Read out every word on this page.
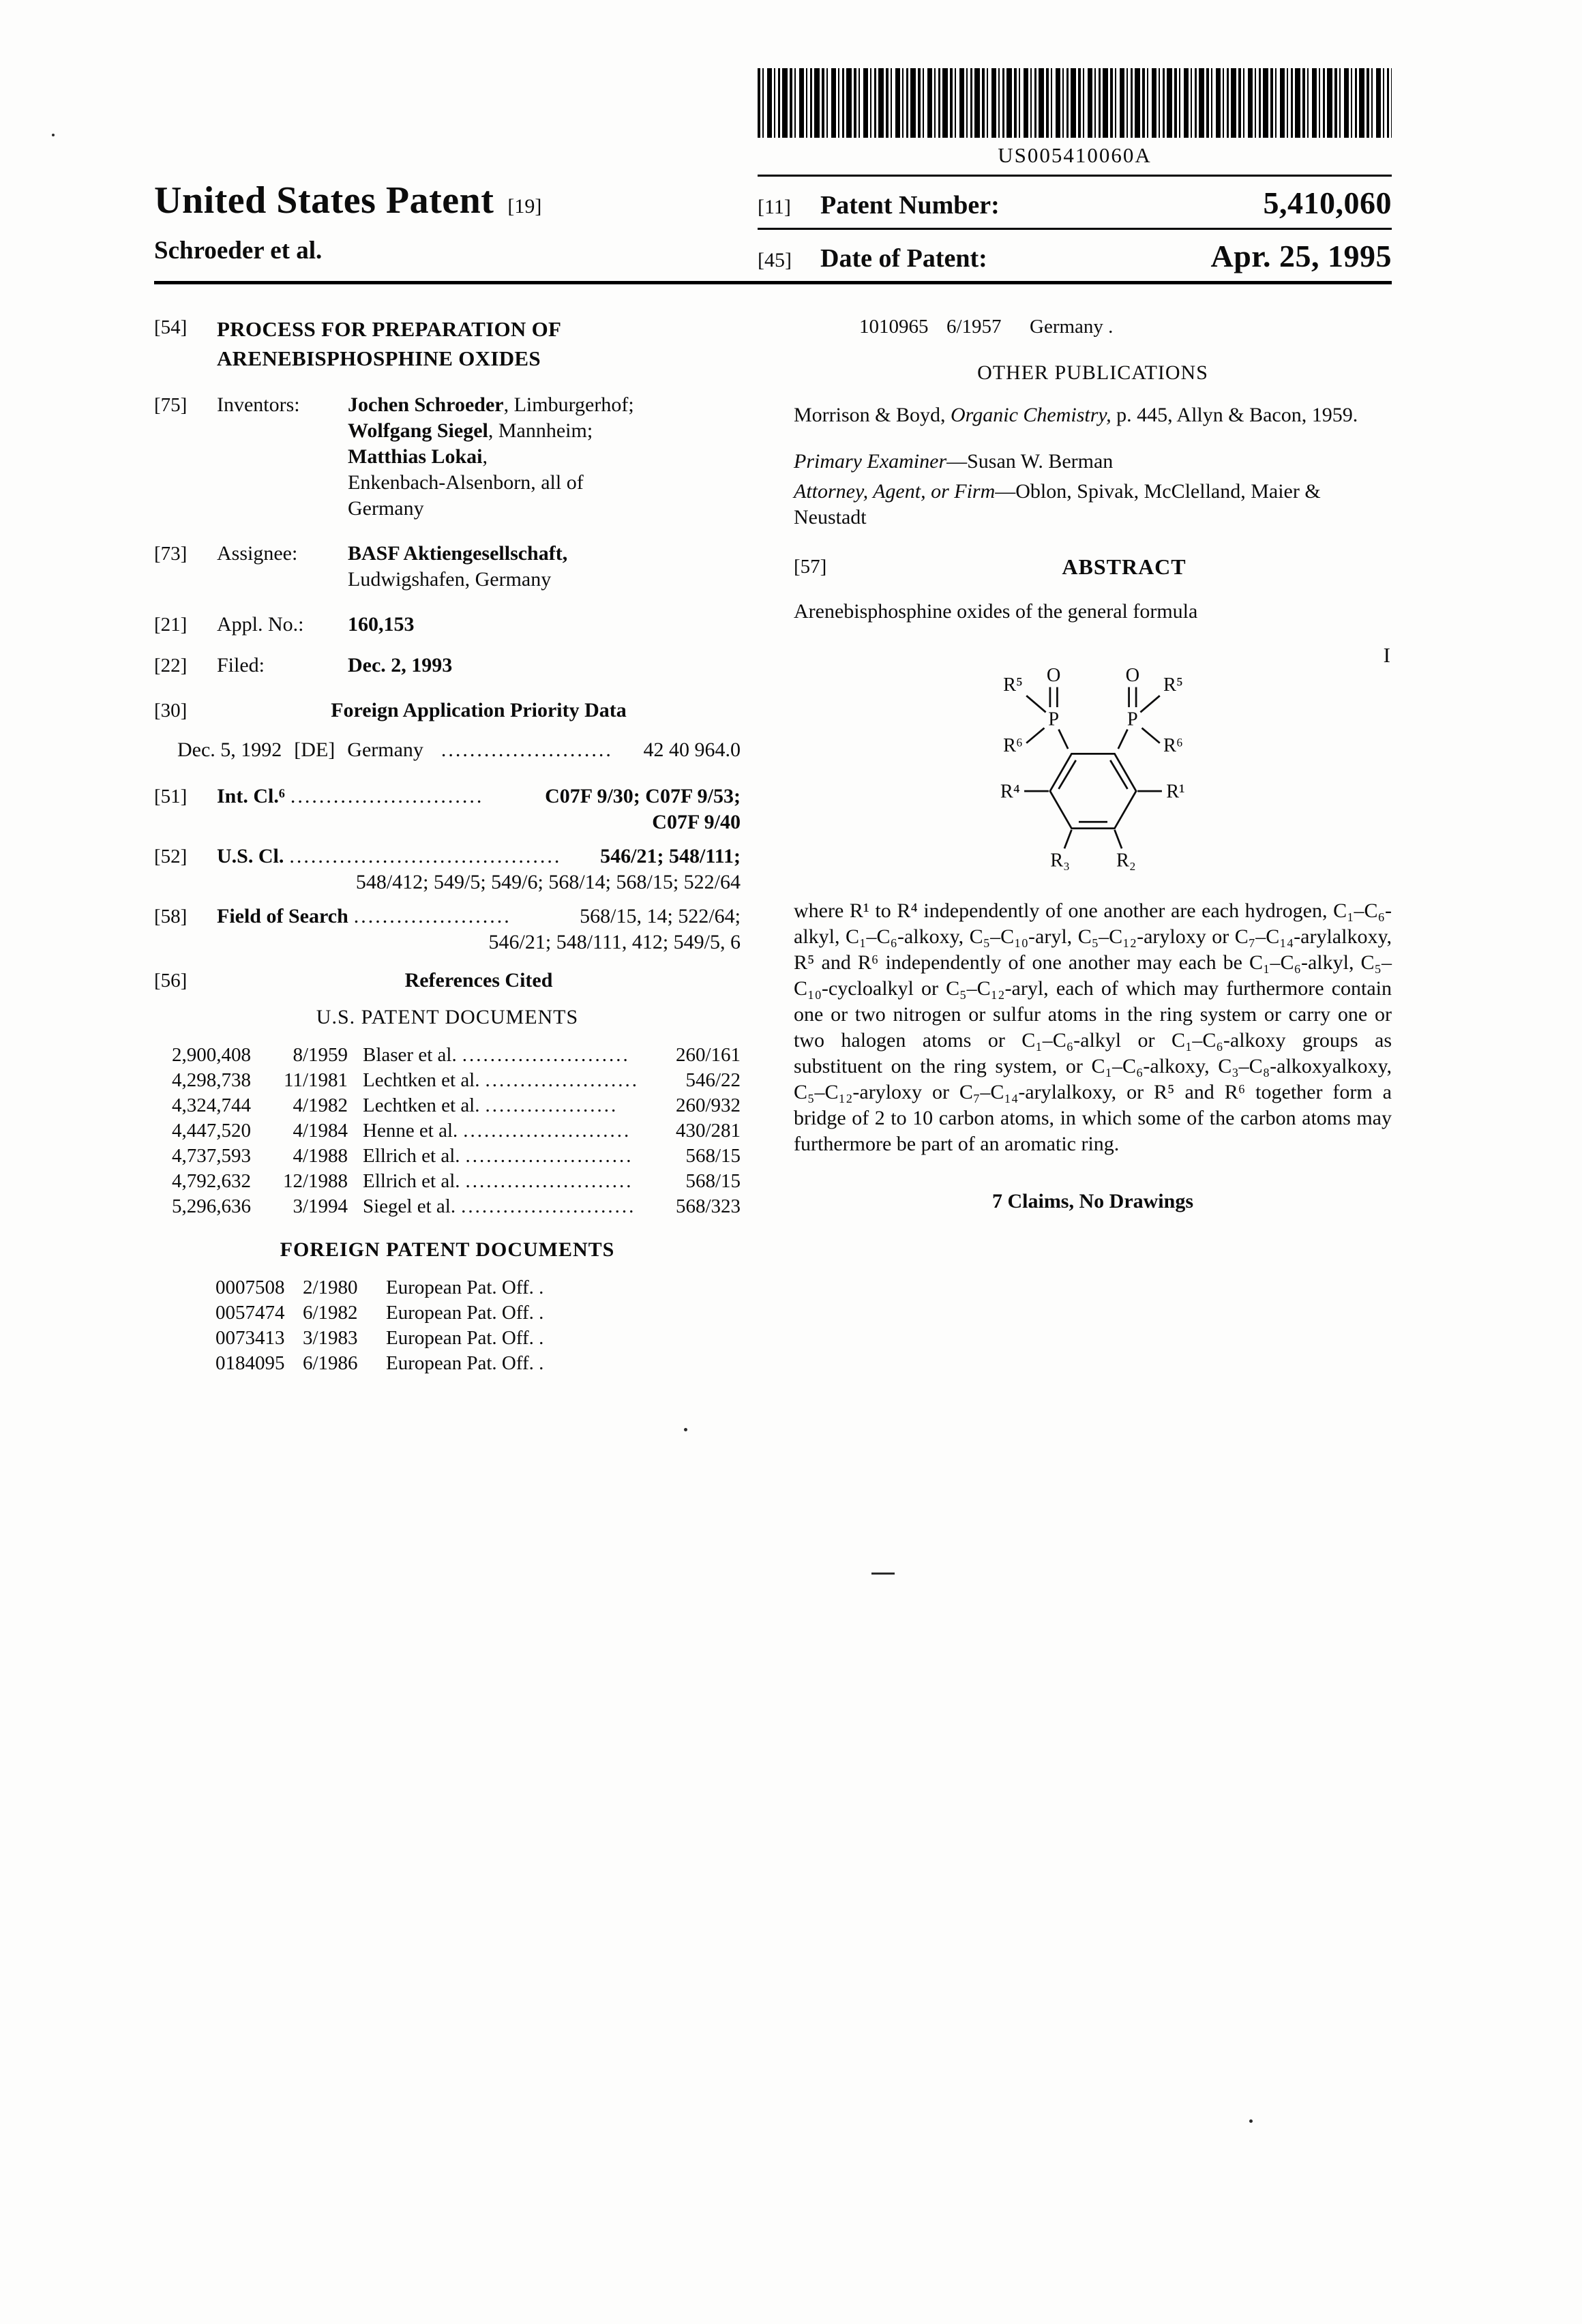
US005410060A
United States Patent [19]
Schroeder et al.
[11]	Patent Number:	5,410,060
[45]	Date of Patent:	Apr. 25, 1995
[54]	PROCESS FOR PREPARATION OF
ARENEBISPHOSPHINE OXIDES
[75]	Inventors:	Jochen Schroeder, Limburgerhof;
Wolfgang Siegel, Mannheim;
Matthias Lokai,
Enkenbach-Alsenborn, all of
Germany
[73]	Assignee:	BASF Aktiengesellschaft,
Ludwigshafen, Germany
[21]	Appl. No.:	160,153
[22]	Filed:	Dec. 2, 1993
[30]	Foreign Application Priority Data
Dec. 5, 1992 [DE] Germany ........................	42 40 964.0
[51]	Int. Cl.⁶ ...........................	C07F 9/30; C07F 9/53;
C07F 9/40
[52]	U.S. Cl. ......................................	546/21; 548/111;
548/412; 549/5; 549/6; 568/14; 568/15; 522/64
[58]	Field of Search ......................	568/15, 14; 522/64;
546/21; 548/111, 412; 549/5, 6
[56]	References Cited
U.S. PATENT DOCUMENTS
2,900,408	8/1959 Blaser et al. ........................	260/161
4,298,738	11/1981 Lechtken et al. ......................	546/22
4,324,744	4/1982 Lechtken et al. ...................	260/932
4,447,520	4/1984 Henne et al. ........................	430/281
4,737,593	4/1988 Ellrich et al. ........................	568/15
4,792,632	12/1988 Ellrich et al. ........................	568/15
5,296,636	3/1994 Siegel et al. .........................	568/323
FOREIGN PATENT DOCUMENTS
0007508 2/1980	European Pat. Off. .
0057474 6/1982	European Pat. Off. .
0073413 3/1983	European Pat. Off. .
0184095 6/1986	European Pat. Off. .
1010965 6/1957	Germany .
OTHER PUBLICATIONS

Morrison & Boyd, Organic Chemistry, p. 445, Allyn & Bacon, 1959.

Primary Examiner—Susan W. Berman

Attorney, Agent, or Firm—Oblon, Spivak, McClelland, Maier & Neustadt

[57]	ABSTRACT

Arenebisphosphine oxides of the general formula

O	O
P	P
R⁵	R⁵
R⁶	R⁶
R⁴	R¹
R₃	R₂
I

where R¹ to R⁴ independently of one another are each hydrogen, C₁–C₆-alkyl, C₁–C₆-alkoxy, C₅–C₁₀-aryl, C₅–C₁₂-aryloxy or C₇–C₁₄-arylalkoxy, R⁵ and R⁶ independently of one another may each be C₁–C₆-alkyl, C₅–C₁₀-cycloalkyl or C₅–C₁₂-aryl, each of which may furthermore contain one or two nitrogen or sulfur atoms in the ring system or carry one or two halogen atoms or C₁–C₆-alkyl or C₁–C₆-alkoxy groups as substituent on the ring system, or C₁–C₆-alkoxy, C₃–C₈-alkoxyalkoxy, C₅–C₁₂-aryloxy or C₇–C₁₄-arylalkoxy, or R⁵ and R⁶ together form a bridge of 2 to 10 carbon atoms, in which some of the carbon atoms may furthermore be part of an aromatic ring.

7 Claims, No Drawings
